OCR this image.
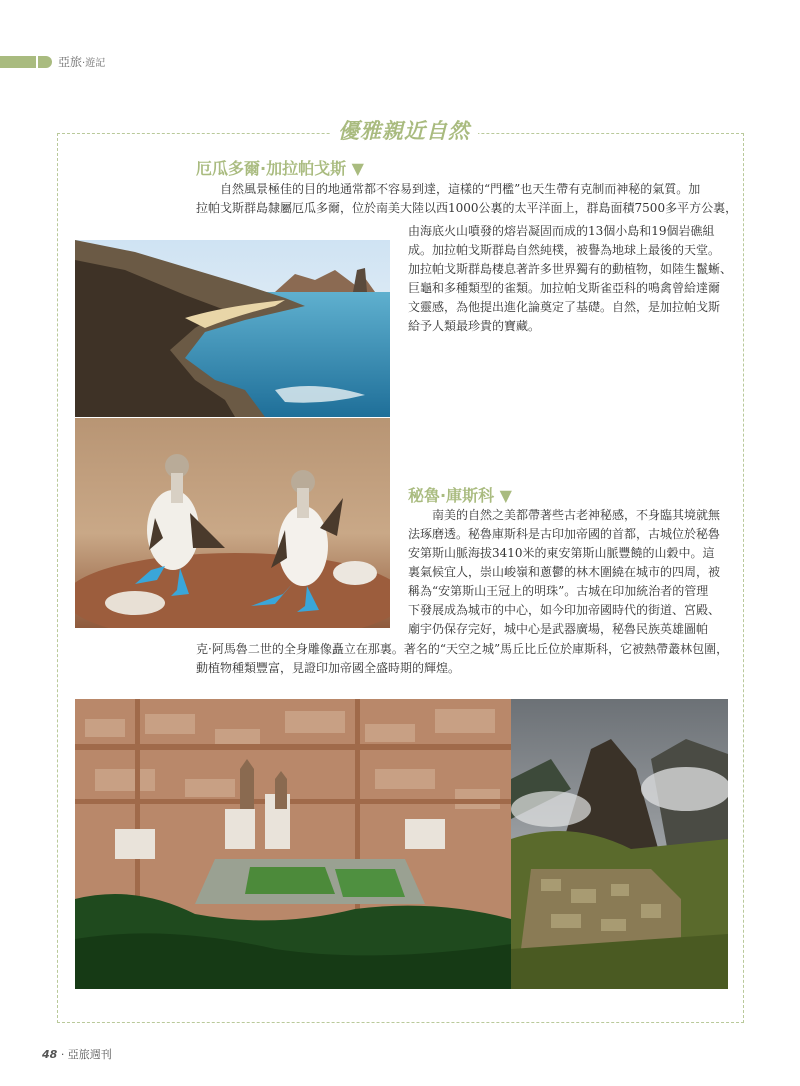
亞旅·遊記
優雅親近自然
厄瓜多爾·加拉帕戈斯 ▼
自然風景極佳的目的地通常都不容易到達，這樣的“門檻”也天生帶有克制而神秘的氣質。加
拉帕戈斯群島隸屬厄瓜多爾，位於南美大陸以西1000公裏的太平洋面上，群島面積7500多平方公裏，
由海底火山噴發的熔岩凝固而成的13個小島和19個岩礁組
成。加拉帕戈斯群島自然純樸，被譽為地球上最後的天堂。
加拉帕戈斯群島棲息著許多世界獨有的動植物，如陸生鬣蜥、
巨龜和多種類型的雀類。加拉帕戈斯雀亞科的鳴禽曾給達爾
文靈感，為他提出進化論奠定了基礎。自然，是加拉帕戈斯
給予人類最珍貴的寶藏。
秘魯·庫斯科 ▼
南美的自然之美都帶著些古老神秘感，不身臨其境就無
法琢磨透。秘魯庫斯科是古印加帝國的首都，古城位於秘魯
安第斯山脈海拔3410米的東安第斯山脈豐饒的山穀中。這
裏氣候宜人，崇山峻嶺和蔥鬱的林木圍繞在城市的四周，被
稱為“安第斯山王冠上的明珠”。古城在印加統治者的管理
下發展成為城市的中心，如今印加帝國時代的街道、宮殿、
廟宇仍保存完好，城中心是武器廣場，秘魯民族英雄圖帕
克·阿馬魯二世的全身雕像矗立在那裏。著名的“天空之城”馬丘比丘位於庫斯科，它被熱帶叢林包圍，
動植物種類豐富，見證印加帝國全盛時期的輝煌。
48 · 亞旅週刊
